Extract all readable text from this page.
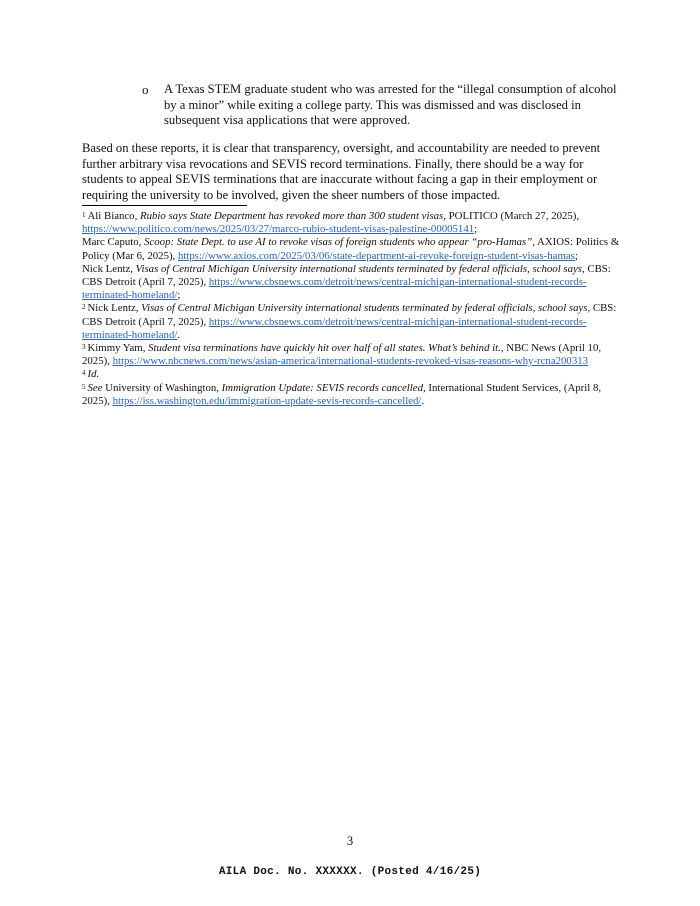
o	A Texas STEM graduate student who was arrested for the “illegal consumption of alcohol by a minor” while exiting a college party. This was dismissed and was disclosed in subsequent visa applications that were approved.
Based on these reports, it is clear that transparency, oversight, and accountability are needed to prevent further arbitrary visa revocations and SEVIS record terminations. Finally, there should be a way for students to appeal SEVIS terminations that are inaccurate without facing a gap in their employment or requiring the university to be involved, given the sheer numbers of those impacted.

$^1$ Ali Bianco, Rubio says State Department has revoked more than 300 student visas, POLITICO (March 27, 2025), https://www.politico.com/news/2025/03/27/marco-rubio-student-visas-palestine-00005141;
Marc Caputo, Scoop: State Dept. to use AI to revoke visas of foreign students who appear “pro-Hamas”, AXIOS: Politics & Policy (Mar 6, 2025), https://www.axios.com/2025/03/06/state-department-ai-revoke-foreign-student-visas-hamas;
Nick Lentz, Visas of Central Michigan University international students terminated by federal officials, school says, CBS: CBS Detroit (April 7, 2025), https://www.cbsnews.com/detroit/news/central-michigan-international-student-records-terminated-homeland/;

$^2$ Nick Lentz, Visas of Central Michigan University international students terminated by federal officials, school says, CBS: CBS Detroit (April 7, 2025), https://www.cbsnews.com/detroit/news/central-michigan-international-student-records-terminated-homeland/.

$^3$ Kimmy Yam, Student visa terminations have quickly hit over half of all states. What’s behind it., NBC News (April 10, 2025), https://www.nbcnews.com/news/asian-america/international-students-revoked-visas-reasons-why-rcna200313

$^4$ Id.

$^5$ See University of Washington, Immigration Update: SEVIS records cancelled, International Student Services, (April 8, 2025), https://iss.washington.edu/immigration-update-sevis-records-cancelled/.

3
AILA Doc. No. XXXXXX. (Posted 4/16/25)
